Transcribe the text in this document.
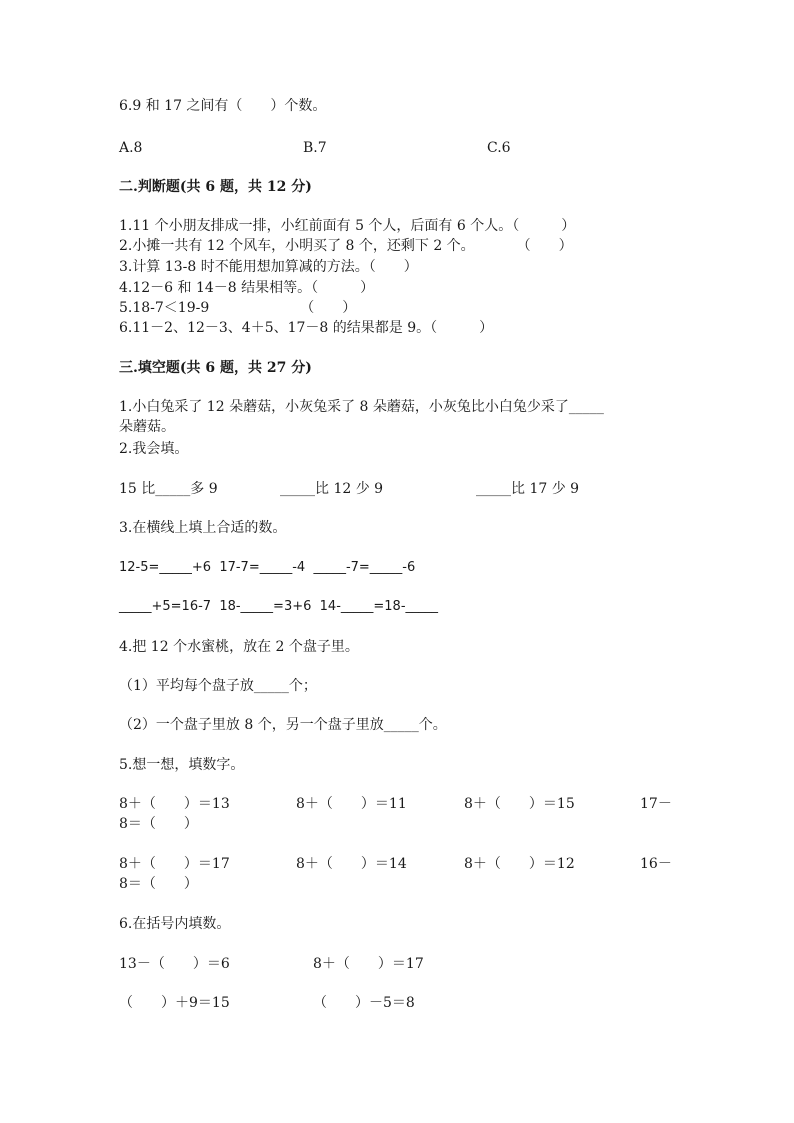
6.9 和 17 之间有（　　）个数。
A.8	B.7	C.6
二.判断题(共 6 题，共 12 分)
1.11 个小朋友排成一排，小红前面有 5 个人，后面有 6 个人。（　　　）
2.小摊一共有 12 个风车，小明买了 8 个，还剩下 2 个。　　　　（　　）
3.计算 13-8 时不能用想加算减的方法。（　　）
4.12－6 和 14－8 结果相等。（　　　）
5.18-7＜19-9　　　　　　　（　　）
6.11－2、12－3、4＋5、17－8 的结果都是 9。（　　　）
三.填空题(共 6 题，共 27 分)
1.小白兔采了 12 朵蘑菇，小灰兔采了 8 朵蘑菇，小灰兔比小白兔少采了_____
朵蘑菇。
2.我会填。
15 比_____多 9	_____比 12 少 9	_____比 17 少 9
3.在横线上填上合适的数。
12-5=_____+6  17-7=_____-4  _____-7=_____-6
_____+5=16-7  18-_____=3+6  14-_____=18-_____
4.把 12 个水蜜桃，放在 2 个盘子里。
（1）平均每个盘子放_____个；
（2）一个盘子里放 8 个，另一个盘子里放_____个。
5.想一想，填数字。
8＋（　　）＝13	8＋（　　）＝11	8＋（　　）＝15	17－
8＝（　　）
8＋（　　）＝17	8＋（　　）＝14	8＋（　　）＝12	16－
8＝（　　）
6.在括号内填数。
13－（　　）＝6	8＋（　　）＝17
（　　）＋9＝15	（　　）－5＝8
